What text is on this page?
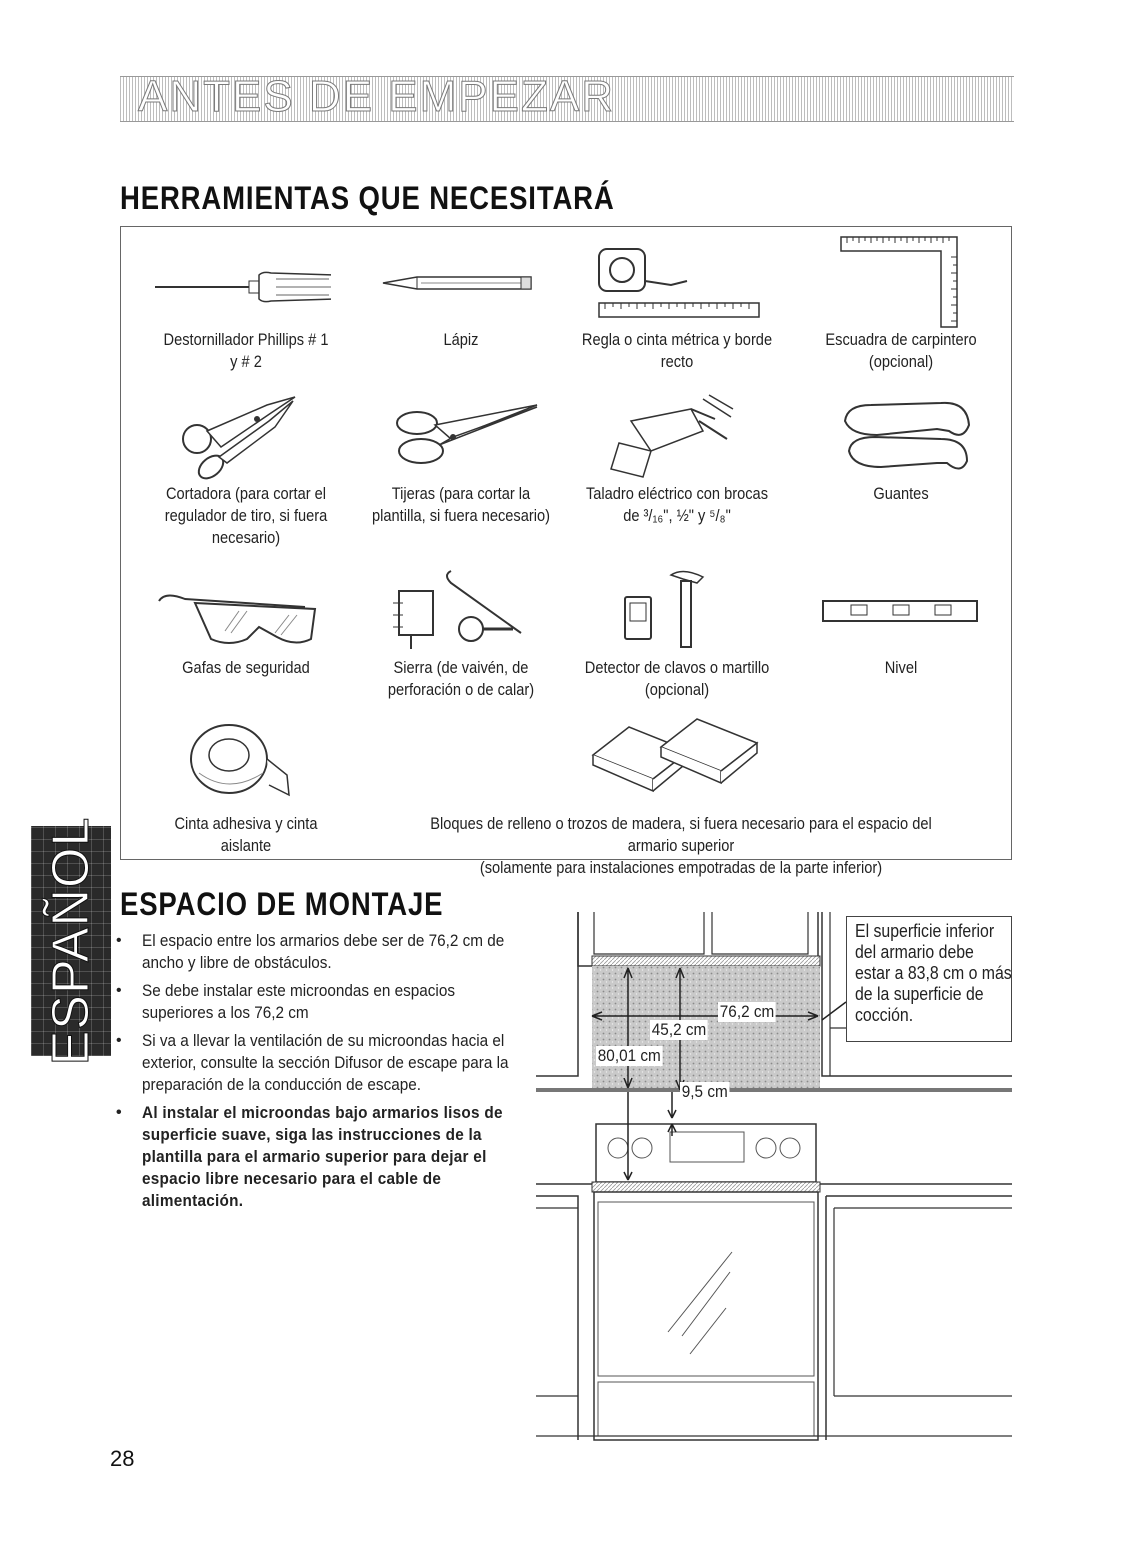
ANTES DE EMPEZAR
HERRAMIENTAS QUE NECESITARÁ
Destornillador Phillips # 1
y # 2
Lápiz	Regla o cinta métrica y borde
recto
Escuadra de carpintero
(opcional)
Cortadora (para cortar el
regulador de tiro, si fuera
necesario)
Tijeras (para cortar la
plantilla, si fuera necesario)
Taladro eléctrico con brocas
de ³/₁₆", ½" y ⁵/₈"
Guantes
Gafas de seguridad	Sierra (de vaivén, de
perforación o de calar)
Detector de clavos o martillo
(opcional)
Nivel
Cinta adhesiva y cinta
aislante
Bloques de relleno o trozos de madera, si fuera necesario para el espacio del armario superior
(solamente para instalaciones empotradas de la parte inferior)
ESPAÑOL ESPACIO DE MONTAJE
• El espacio entre los armarios debe ser de 76,2 cm de ancho y libre de obstáculos.
• Se debe instalar este microondas en espacios superiores a los 76,2 cm
• Si va a llevar la ventilación de su microondas hacia el exterior, consulte la sección Difusor de escape para la preparación de la conducción de escape.
• Al instalar el microondas bajo armarios lisos de superficie suave, siga las instrucciones de la plantilla para el armario superior para dejar el espacio libre necesario para el cable de alimentación.
76,2 cm
45,2 cm
80,01 cm
9,5 cm
El superficie inferior
del armario debe
estar a 83,8 cm o más
de la superficie de
cocción.
28
